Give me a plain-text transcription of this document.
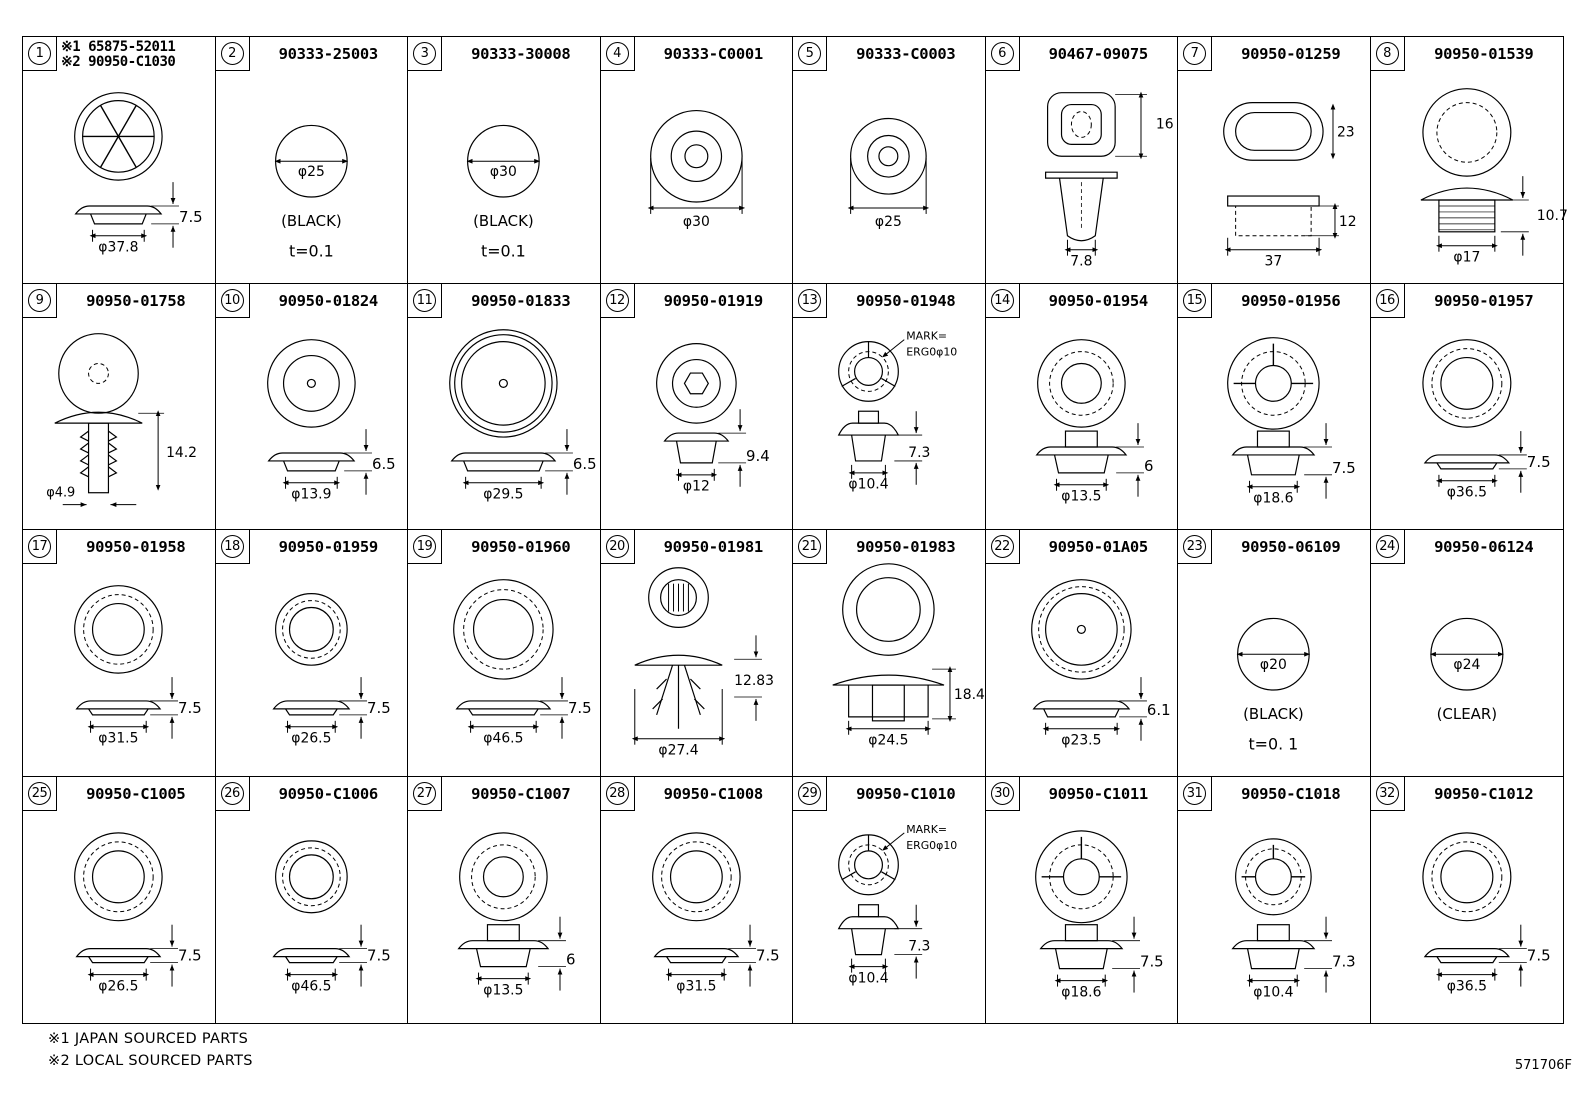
1	※1 65875-52011
※2 90950-C1030
7.5
φ37.8
2	90333-25003
φ25
(BLACK)
t=0.1
3	90333-30008
φ30
(BLACK)
t=0.1
4	90333-C0001
φ30
5	90333-C0003
φ25
6	90467-09075
16
7.8
7	90950-01259
23
12
37
8	90950-01539
10.7
φ17
9	90950-01758
14.2
φ4.9
10	90950-01824
6.5
φ13.9
11	90950-01833
6.5
φ29.5
12	90950-01919
9.4
φ12
13	90950-01948
MARK=
ERG0φ10
7.3
φ10.4
14	90950-01954
6
φ13.5
15	90950-01956
7.5
φ18.6
16	90950-01957
7.5
φ36.5
17	90950-01958
7.5
φ31.5
18	90950-01959
7.5
φ26.5
19	90950-01960
7.5
φ46.5
20	90950-01981
12.83
φ27.4
21	90950-01983
18.4
φ24.5
22	90950-01A05
6.1
φ23.5
23	90950-06109
φ20
(BLACK)
t=0. 1
24	90950-06124
φ24
(CLEAR)
25	90950-C1005
7.5
φ26.5
26	90950-C1006
7.5
φ46.5
27	90950-C1007
6
φ13.5
28	90950-C1008
7.5
φ31.5
29	90950-C1010
MARK=
ERG0φ10
7.3
φ10.4
30	90950-C1011
7.5
φ18.6
31	90950-C1018
7.3
φ10.4
32	90950-C1012
7.5
φ36.5
※1 JAPAN SOURCED PARTS
※2 LOCAL SOURCED PARTS	571706F
